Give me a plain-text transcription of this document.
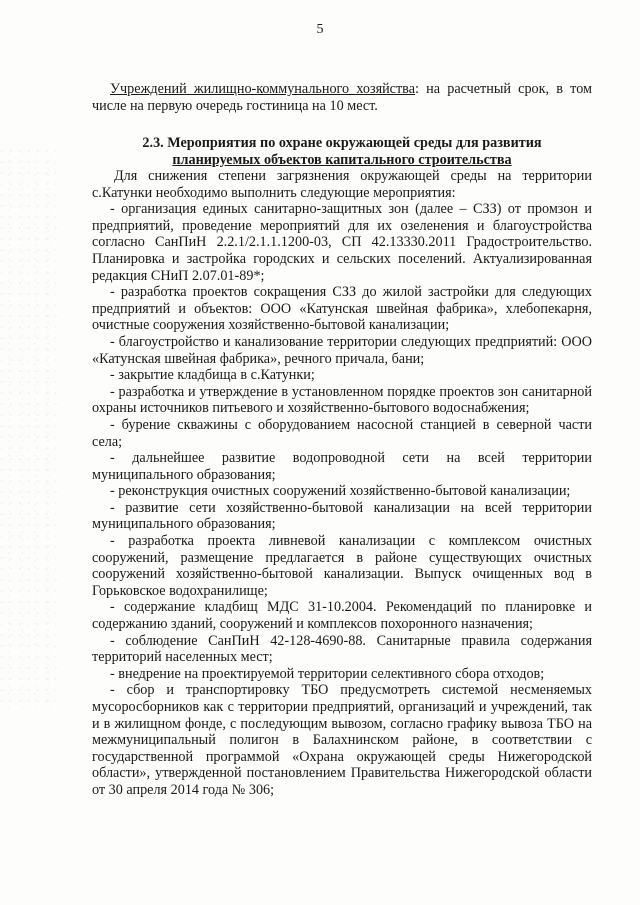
5
Учреждений жилищно-коммунального хозяйства: на расчетный срок, в том числе на первую очередь гостиница на 10 мест.
2.3. Мероприятия по охране окружающей среды для развития
планируемых объектов капитального строительства

Для снижения степени загрязнения окружающей среды на территории с.Катунки необходимо выполнить следующие мероприятия:

- организация единых санитарно-защитных зон (далее – СЗЗ) от промзон и предприятий, проведение мероприятий для их озеленения и благоустройства согласно СанПиН 2.2.1/2.1.1.1200-03, СП 42.13330.2011 Градостроительство. Планировка и застройка городских и сельских поселений. Актуализированная редакция СНиП 2.07.01-89*;

- разработка проектов сокращения СЗЗ до жилой застройки для следующих предприятий и объектов: ООО «Катунская швейная фабрика», хлебопекарня, очистные сооружения хозяйственно-бытовой канализации;

- благоустройство и канализование территории следующих предприятий: ООО «Катунская швейная фабрика», речного причала, бани;

- закрытие кладбища в с.Катунки;

- разработка и утверждение в установленном порядке проектов зон санитарной охраны источников питьевого и хозяйственно-бытового водоснабжения;

- бурение скважины с оборудованием насосной станцией в северной части села;

- дальнейшее развитие водопроводной сети на всей территории муниципального образования;

- реконструкция очистных сооружений хозяйственно-бытовой канализации;

- развитие сети хозяйственно-бытовой канализации на всей территории муниципального образования;

- разработка проекта ливневой канализации с комплексом очистных сооружений, размещение предлагается в районе существующих очистных сооружений хозяйственно-бытовой канализации. Выпуск очищенных вод в Горьковское водохранилище;

- содержание кладбищ МДС 31-10.2004. Рекомендаций по планировке и содержанию зданий, сооружений и комплексов похоронного назначения;

- соблюдение СанПиН 42-128-4690-88. Санитарные правила содержания территорий населенных мест;

- внедрение на проектируемой территории селективного сбора отходов;

- сбор и транспортировку ТБО предусмотреть системой несменяемых мусоросборников как с территории предприятий, организаций и учреждений, так и в жилищном фонде, с последующим вывозом, согласно графику вывоза ТБО на межмуниципальный полигон в Балахнинском районе, в соответствии с государственной программой «Охрана окружающей среды Нижегородской области», утвержденной постановлением Правительства Нижегородской области от 30 апреля 2014 года № 306;
